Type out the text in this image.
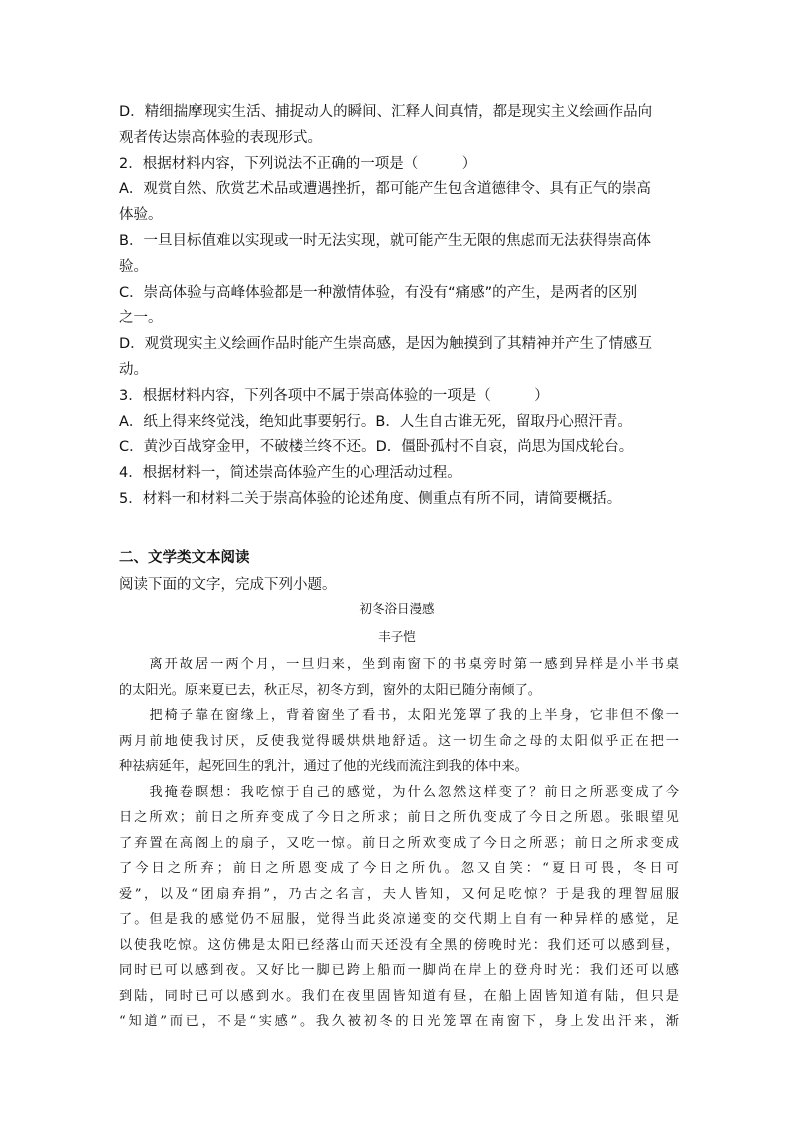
D．精细揣摩现实生活、捕捉动人的瞬间、汇释人间真情，都是现实主义绘画作品向
观者传达崇高体验的表现形式。
2．根据材料内容，下列说法不正确的一项是（　　　）
A．观赏自然、欣赏艺术品或遭遇挫折，都可能产生包含道德律令、具有正气的崇高
体验。
B．一旦目标值难以实现或一时无法实现，就可能产生无限的焦虑而无法获得崇高体
验。
C．崇高体验与高峰体验都是一种激情体验，有没有“痛感”的产生，是两者的区别
之一。
D．观赏现实主义绘画作品时能产生崇高感，是因为触摸到了其精神并产生了情感互
动。
3．根据材料内容，下列各项中不属于崇高体验的一项是（　　　）
A．纸上得来终觉浅，绝知此事要躬行。B．人生自古谁无死，留取丹心照汗青。
C．黄沙百战穿金甲，不破楼兰终不还。D．僵卧孤村不自哀，尚思为国戍轮台。
4．根据材料一，简述崇高体验产生的心理活动过程。
5．材料一和材料二关于崇高体验的论述角度、侧重点有所不同，请简要概括。
二、文学类文本阅读
阅读下面的文字，完成下列小题。
初冬浴日漫感
丰子恺
　　离开故居一两个月，一旦归来，坐到南窗下的书桌旁时第一感到异样是小半书桌
的太阳光。原来夏已去，秋正尽，初冬方到，窗外的太阳已随分南倾了。
　　把椅子靠在窗缘上，背着窗坐了看书，太阳光笼罩了我的上半身，它非但不像一
两月前地使我讨厌，反使我觉得暖烘烘地舒适。这一切生命之母的太阳似乎正在把一
种祛病延年，起死回生的乳汁，通过了他的光线而流注到我的体中来。
　　我掩卷瞑想：我吃惊于自己的感觉，为什么忽然这样变了？前日之所恶变成了今
日之所欢；前日之所弃变成了今日之所求；前日之所仇变成了今日之所恩。张眼望见
了弃置在高阁上的扇子，又吃一惊。前日之所欢变成了今日之所恶；前日之所求变成
了今日之所弃；前日之所恩变成了今日之所仇。忽又自笑：“夏日可畏，冬日可
爱”，以及“团扇弃捐”，乃古之名言，夫人皆知，又何足吃惊？于是我的理智屈服
了。但是我的感觉仍不屈服，觉得当此炎凉递变的交代期上自有一种异样的感觉，足
以使我吃惊。这仿佛是太阳已经落山而天还没有全黑的傍晚时光：我们还可以感到昼，
同时已可以感到夜。又好比一脚已跨上船而一脚尚在岸上的登舟时光：我们还可以感
到陆，同时已可以感到水。我们在夜里固皆知道有昼，在船上固皆知道有陆，但只是
“知道”而已，不是“实感”。我久被初冬的日光笼罩在南窗下，身上发出汗来，渐
